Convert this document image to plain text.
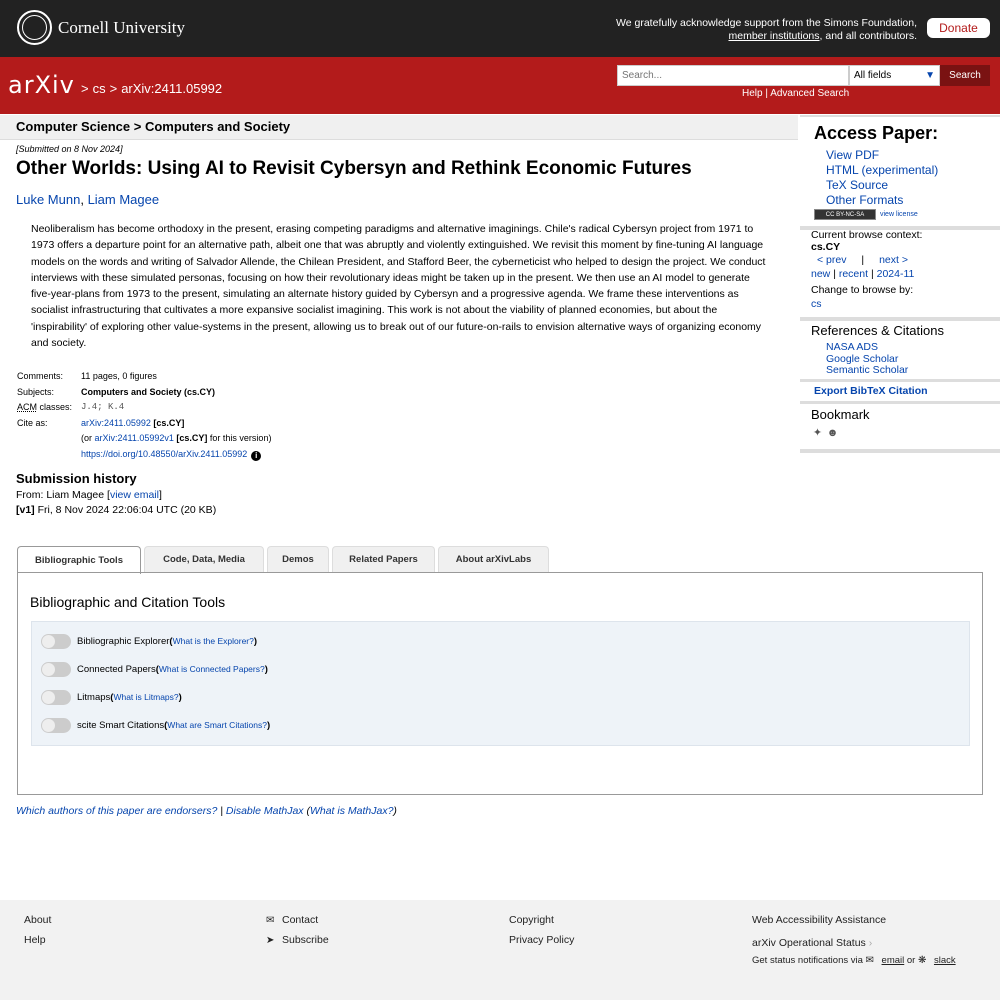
Cornell University	We gratefully acknowledge support from the Simons Foundation,
member institutions, and all contributors.
Donate
arXiv > cs > arXiv:2411.05992
Search...
All fields	▼	Search
Help | Advanced Search
Computer Science > Computers and Society
[Submitted on 8 Nov 2024]
Other Worlds: Using AI to Revisit Cybersyn and Rethink Economic Futures
Luke Munn, Liam Magee
Neoliberalism has become orthodoxy in the present, erasing competing paradigms and alternative imaginings. Chile's radical Cybersyn project from 1971 to 1973 offers a departure point for an alternative path, albeit one that was abruptly and violently extinguished. We revisit this moment by fine-tuning AI language models on the words and writing of Salvador Allende, the Chilean President, and Stafford Beer, the cyberneticist who helped to design the project. We conduct interviews with these simulated personas, focusing on how their revolutionary ideas might be taken up in the present. We then use an AI model to generate five-year-plans from 1973 to the present, simulating an alternate history guided by Cybersyn and a progressive agenda. We frame these interventions as socialist infrastructuring that cultivates a more expansive socialist imagining. This work is not about the viability of planned economies, but about the 'inspirability' of exploring other value-systems in the present, allowing us to break out of our future-on-rails to envision alternative ways of organizing economy and society.
Comments:	11 pages, 0 figures
Subjects:	Computers and Society (cs.CY)
ACM classes: J.4; K.4
Cite as:	arXiv:2411.05992 [cs.CY]
(or arXiv:2411.05992v1 [cs.CY] for this version)
https://doi.org/10.48550/arXiv.2411.05992 i
Submission history
From: Liam Magee [view email]
[v1] Fri, 8 Nov 2024 22:06:04 UTC (20 KB)
Bibliographic Tools	Code, Data, Media	Demos	Related Papers	About arXivLabs
Bibliographic and Citation Tools
Bibliographic Explorer ( What is the Explorer? )
Connected Papers ( What is Connected Papers? )
Litmaps ( What is Litmaps? )
scite Smart Citations ( What are Smart Citations? )
Which authors of this paper are endorsers? | Disable MathJax (What is MathJax?)
Access Paper:
View PDF
HTML (experimental)
TeX Source
Other Formats
CC BY-NC-SA	view license
Current browse context:
cs.CY
< prev | next >
new | recent | 2024-11
Change to browse by:
cs
References & Citations
NASA ADS
Google Scholar
Semantic Scholar
Export BibTeX Citation
Bookmark
✦ ☻
About
Help
✉ Contact
➤ Subscribe
Copyright
Privacy Policy
Web Accessibility Assistance
arXiv Operational Status ›
Get status notifications via ✉ email or ❋ slack
